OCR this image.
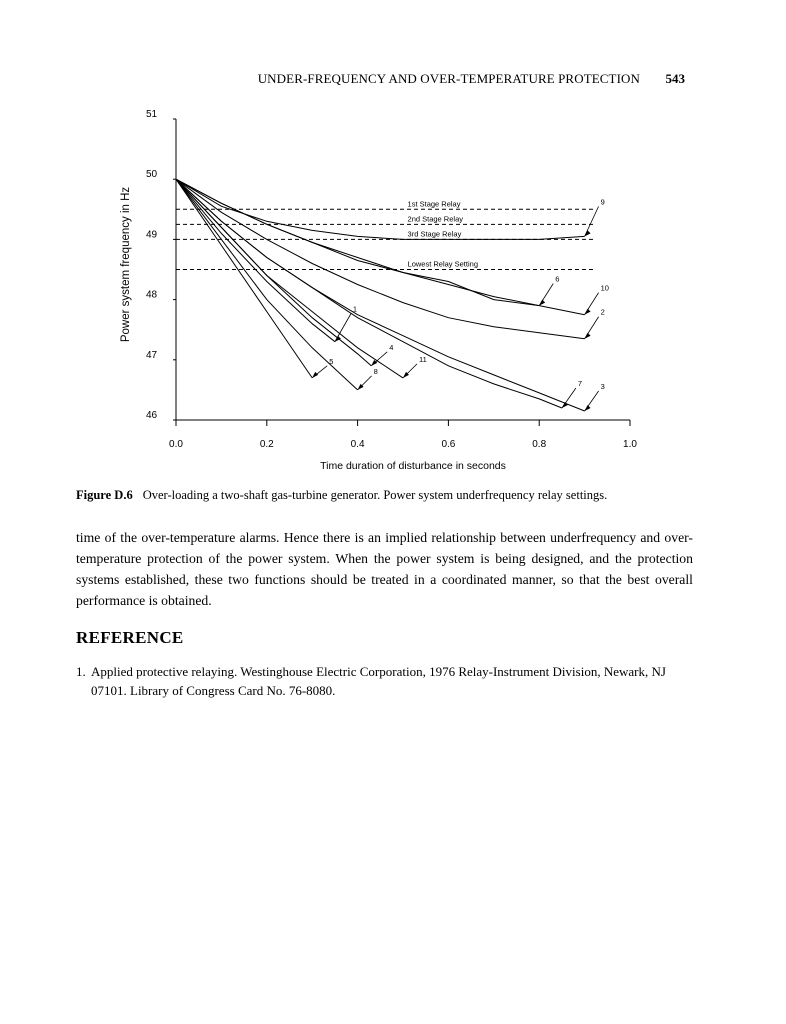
UNDER-FREQUENCY AND OVER-TEMPERATURE PROTECTION 543
51
50
49
48
47
46
0.0	0.2	0.4	0.6	0.8	1.0
Time duration of disturbance in seconds
Power system frequency in Hz	1st Stage Relay
2nd Stage Relay
3rd Stage Relay
Lowest Relay Setting
1
4
5
8
11
7 3
2
10
6
9
Figure D.6 Over-loading a two-shaft gas-turbine generator. Power system underfrequency relay settings.
time of the over-temperature alarms. Hence there is an implied relationship between underfrequency and over-temperature protection of the power system. When the power system is being designed, and the protection systems established, these two functions should be treated in a coordinated manner, so that the best overall performance is obtained.
REFERENCE
1. Applied protective relaying. Westinghouse Electric Corporation, 1976 Relay-Instrument Division, Newark, NJ 07101. Library of Congress Card No. 76-8080.
